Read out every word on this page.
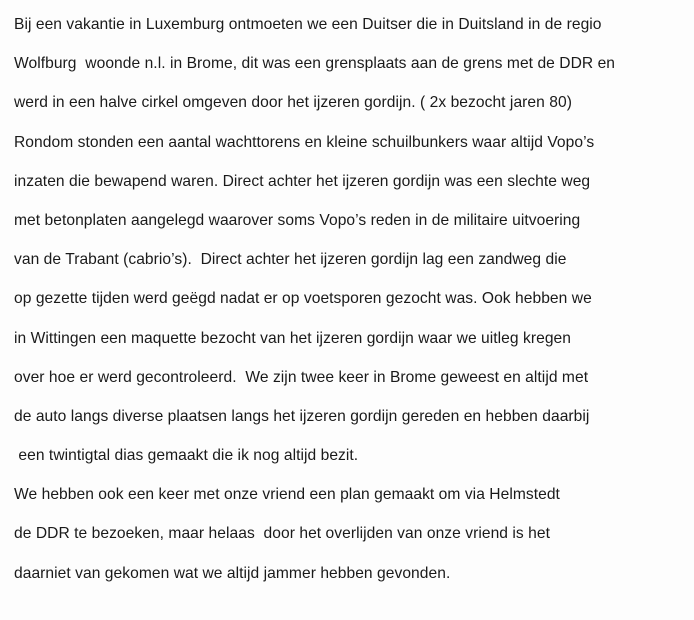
Bij een vakantie in Luxemburg ontmoeten we een Duitser die in Duitsland in de regio
Wolfburg  woonde n.l. in Brome, dit was een grensplaats aan de grens met de DDR en
werd in een halve cirkel omgeven door het ijzeren gordijn. ( 2x bezocht jaren 80)
Rondom stonden een aantal wachttorens en kleine schuilbunkers waar altijd Vopo’s
inzaten die bewapend waren. Direct achter het ijzeren gordijn was een slechte weg
met betonplaten aangelegd waarover soms Vopo’s reden in de militaire uitvoering
van de Trabant (cabrio’s).  Direct achter het ijzeren gordijn lag een zandweg die
op gezette tijden werd geëgd nadat er op voetsporen gezocht was. Ook hebben we
in Wittingen een maquette bezocht van het ijzeren gordijn waar we uitleg kregen
over hoe er werd gecontroleerd.  We zijn twee keer in Brome geweest en altijd met
de auto langs diverse plaatsen langs het ijzeren gordijn gereden en hebben daarbij
een twintigtal dias gemaakt die ik nog altijd bezit.
We hebben ook een keer met onze vriend een plan gemaakt om via Helmstedt
de DDR te bezoeken, maar helaas  door het overlijden van onze vriend is het
daarniet van gekomen wat we altijd jammer hebben gevonden.
